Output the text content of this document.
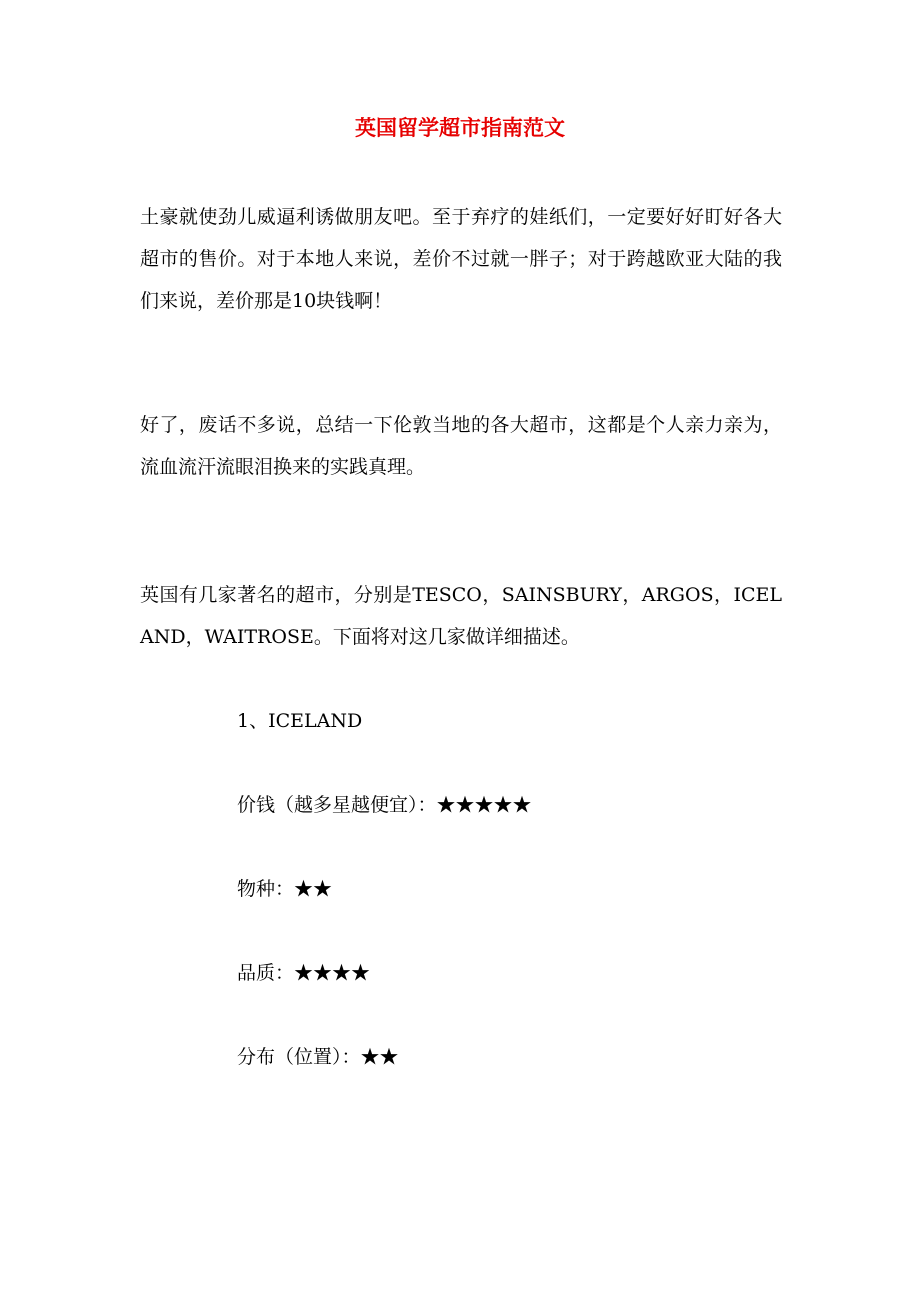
英国留学超市指南范文
土豪就使劲儿威逼利诱做朋友吧。至于弃疗的娃纸们，一定要好好盯好各大超市的售价。对于本地人来说，差价不过就一胖子；对于跨越欧亚大陆的我们来说，差价那是10块钱啊！
好了，废话不多说，总结一下伦敦当地的各大超市，这都是个人亲力亲为，流血流汗流眼泪换来的实践真理。
英国有几家著名的超市，分别是TESCO，SAINSBURY，ARGOS，ICELAND，WAITROSE。下面将对这几家做详细描述。
1、ICELAND
价钱（越多星越便宜）：★★★★★
物种：★★
品质：★★★★
分布（位置）：★★
